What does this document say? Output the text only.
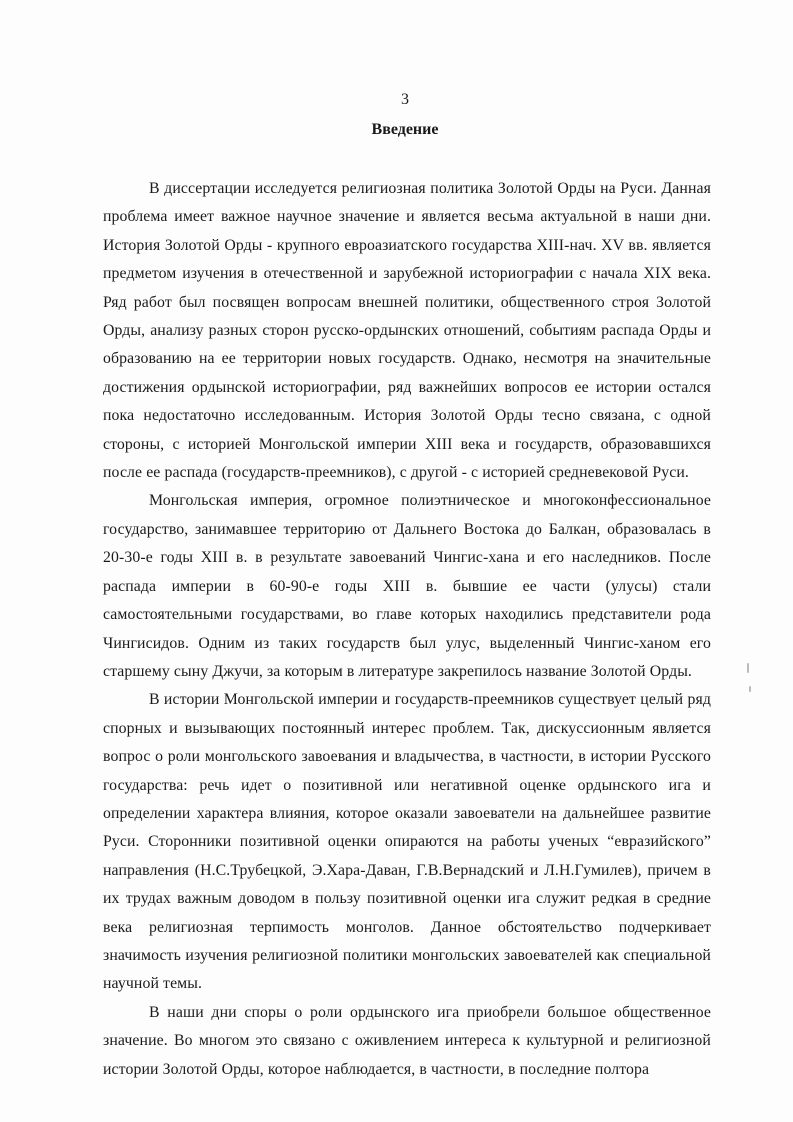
3
Введение

В диссертации исследуется религиозная политика Золотой Орды на Руси. Данная проблема имеет важное научное значение и является весьма актуальной в наши дни. История Золотой Орды - крупного евроазиатского государства XIII-нач. XV вв. является предметом изучения в отечественной и зарубежной историографии с начала XIX века. Ряд работ был посвящен вопросам внешней политики, общественного строя Золотой Орды, анализу разных сторон русско-ордынских отношений, событиям распада Орды и образованию на ее территории новых государств. Однако, несмотря на значительные достижения ордынской историографии, ряд важнейших вопросов ее истории остался пока недостаточно исследованным. История Золотой Орды тесно связана, с одной стороны, с историей Монгольской империи XIII века и государств, образовавшихся после ее распада (государств-преемников), с другой - с историей средневековой Руси.

Монгольская империя, огромное полиэтническое и многоконфессиональное государство, занимавшее территорию от Дальнего Востока до Балкан, образовалась в 20-30-е годы XIII в. в результате завоеваний Чингис-хана и его наследников. После распада империи в 60-90-е годы XIII в. бывшие ее части (улусы) стали самостоятельными государствами, во главе которых находились представители рода Чингисидов. Одним из таких государств был улус, выделенный Чингис-ханом его старшему сыну Джучи, за которым в литературе закрепилось название Золотой Орды.

В истории Монгольской империи и государств-преемников существует целый ряд спорных и вызывающих постоянный интерес проблем. Так, дискуссионным является вопрос о роли монгольского завоевания и владычества, в частности, в истории Русского государства: речь идет о позитивной или негативной оценке ордынского ига и определении характера влияния, которое оказали завоеватели на дальнейшее развитие Руси. Сторонники позитивной оценки опираются на работы ученых “евразийского” направления (Н.С.Трубецкой, Э.Хара-Даван, Г.В.Вернадский и Л.Н.Гумилев), причем в их трудах важным доводом в пользу позитивной оценки ига служит редкая в средние века религиозная терпимость монголов. Данное обстоятельство подчеркивает значимость изучения религиозной политики монгольских завоевателей как специальной научной темы.

В наши дни споры о роли ордынского ига приобрели большое общественное значение. Во многом это связано с оживлением интереса к культурной и религиозной истории Золотой Орды, которое наблюдается, в частности, в последние полтора
